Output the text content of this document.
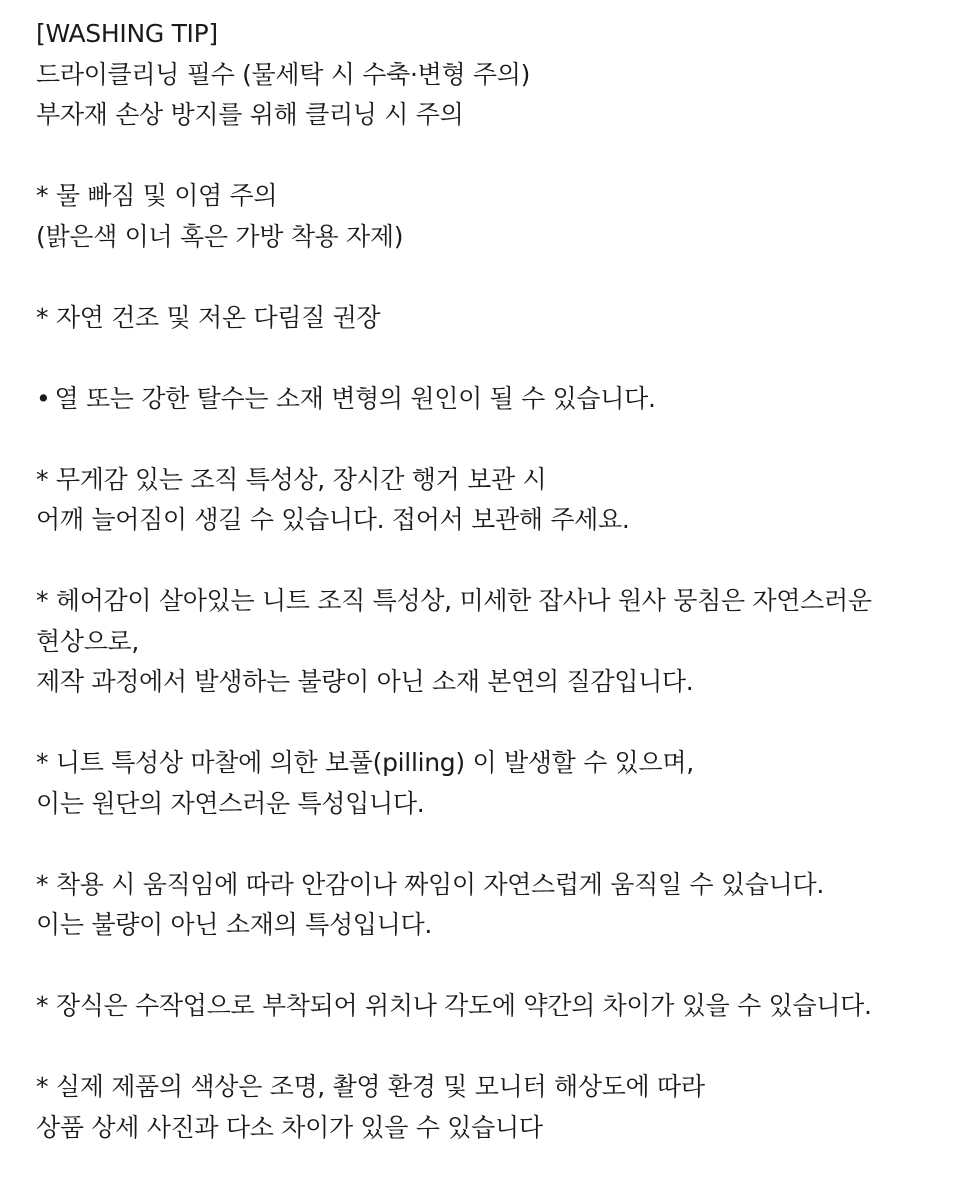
[WASHING TIP]
드라이클리닝 필수 (물세탁 시 수축·변형 주의)
부자재 손상 방지를 위해 클리닝 시 주의
* 물 빠짐 및 이염 주의
(밝은색 이너 혹은 가방 착용 자제)
* 자연 건조 및 저온 다림질 권장
• 열 또는 강한 탈수는 소재 변형의 원인이 될 수 있습니다.
* 무게감 있는 조직 특성상, 장시간 행거 보관 시
어깨 늘어짐이 생길 수 있습니다. 접어서 보관해 주세요.
* 헤어감이 살아있는 니트 조직 특성상, 미세한 잡사나 원사 뭉침은 자연스러운
현상으로,
제작 과정에서 발생하는 불량이 아닌 소재 본연의 질감입니다.
* 니트 특성상 마찰에 의한 보풀(pilling) 이 발생할 수 있으며,
이는 원단의 자연스러운 특성입니다.
* 착용 시 움직임에 따라 안감이나 짜임이 자연스럽게 움직일 수 있습니다.
이는 불량이 아닌 소재의 특성입니다.
* 장식은 수작업으로 부착되어 위치나 각도에 약간의 차이가 있을 수 있습니다.
* 실제 제품의 색상은 조명, 촬영 환경 및 모니터 해상도에 따라
상품 상세 사진과 다소 차이가 있을 수 있습니다
